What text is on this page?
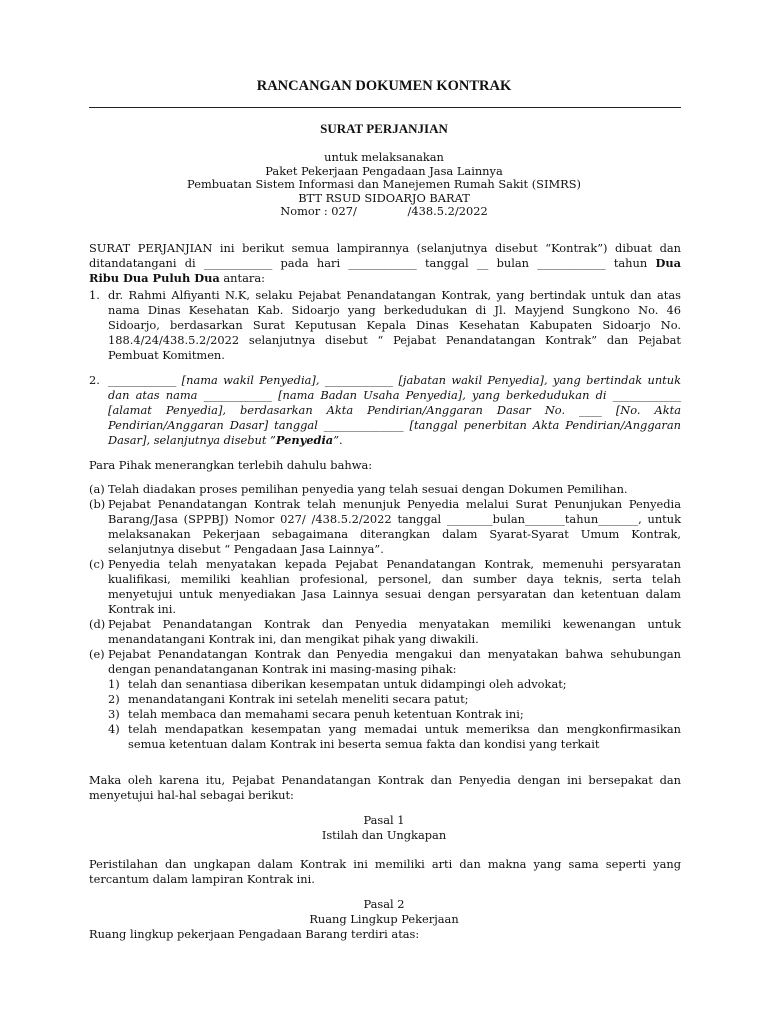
RANCANGAN DOKUMEN KONTRAK
SURAT PERJANJIAN
untuk melaksanakan
Paket Pekerjaan Pengadaan Jasa Lainnya
Pembuatan Sistem Informasi dan Manejemen Rumah Sakit (SIMRS)
BTT RSUD SIDOARJO BARAT
Nomor : 027/              /438.5.2/2022
SURAT PERJANJIAN ini berikut semua lampirannya (selanjutnya disebut “Kontrak”) dibuat dan
ditandatangani di ____________ pada hari ____________ tanggal __ bulan ____________ tahun Dua
Ribu Dua Puluh Dua antara:
1. dr. Rahmi Alfiyanti N.K, selaku Pejabat Penandatangan Kontrak, yang bertindak untuk dan atas nama Dinas Kesehatan Kab. Sidoarjo yang berkedudukan di Jl. Mayjend Sungkono No. 46 Sidoarjo, berdasarkan Surat Keputusan Kepala Dinas Kesehatan Kabupaten Sidoarjo No. 188.4/24/438.5.2/2022 selanjutnya disebut “ Pejabat Penandatangan Kontrak” dan Pejabat Pembuat Komitmen.
2. ____________ [nama wakil Penyedia], ____________ [jabatan wakil Penyedia], yang bertindak untuk dan atas nama ____________ [nama Badan Usaha Penyedia], yang berkedudukan di ____________ [alamat Penyedia], berdasarkan Akta Pendirian/Anggaran Dasar No. ____ [No. Akta Pendirian/Anggaran Dasar] tanggal ______________ [tanggal penerbitan Akta Pendirian/Anggaran Dasar], selanjutnya disebut ”Penyedia”.
Para Pihak menerangkan terlebih dahulu bahwa:
(a) Telah diadakan proses pemilihan penyedia yang telah sesuai dengan Dokumen Pemilihan.
(b) Pejabat Penandatangan Kontrak telah menunjuk Penyedia melalui Surat Penunjukan Penyedia Barang/Jasa (SPPBJ) Nomor 027/ /438.5.2/2022 tanggal ________bulan_______tahun_______, untuk melaksanakan Pekerjaan sebagaimana diterangkan dalam Syarat-Syarat Umum Kontrak, selanjutnya disebut “ Pengadaan Jasa Lainnya”.
(c) Penyedia telah menyatakan kepada Pejabat Penandatangan Kontrak, memenuhi persyaratan kualifikasi, memiliki keahlian profesional, personel, dan sumber daya teknis, serta telah menyetujui untuk menyediakan Jasa Lainnya sesuai dengan persyaratan dan ketentuan dalam Kontrak ini.
(d) Pejabat Penandatangan Kontrak dan Penyedia menyatakan memiliki kewenangan untuk menandatangani Kontrak ini, dan mengikat pihak yang diwakili.
(e) Pejabat Penandatangan Kontrak dan Penyedia mengakui dan menyatakan bahwa sehubungan dengan penandatanganan Kontrak ini masing-masing pihak:
1) telah dan senantiasa diberikan kesempatan untuk didampingi oleh advokat;
2) menandatangani Kontrak ini setelah meneliti secara patut;
3) telah membaca dan memahami secara penuh ketentuan Kontrak ini;
4) telah mendapatkan kesempatan yang memadai untuk memeriksa dan mengkonfirmasikan semua ketentuan dalam Kontrak ini beserta semua fakta dan kondisi yang terkait
Maka oleh karena itu, Pejabat Penandatangan Kontrak dan Penyedia dengan ini bersepakat dan menyetujui hal-hal sebagai berikut:
Pasal 1
Istilah dan Ungkapan
Peristilahan dan ungkapan dalam Kontrak ini memiliki arti dan makna yang sama seperti yang tercantum dalam lampiran Kontrak ini.
Pasal 2
Ruang Lingkup Pekerjaan
Ruang lingkup pekerjaan Pengadaan Barang terdiri atas:
